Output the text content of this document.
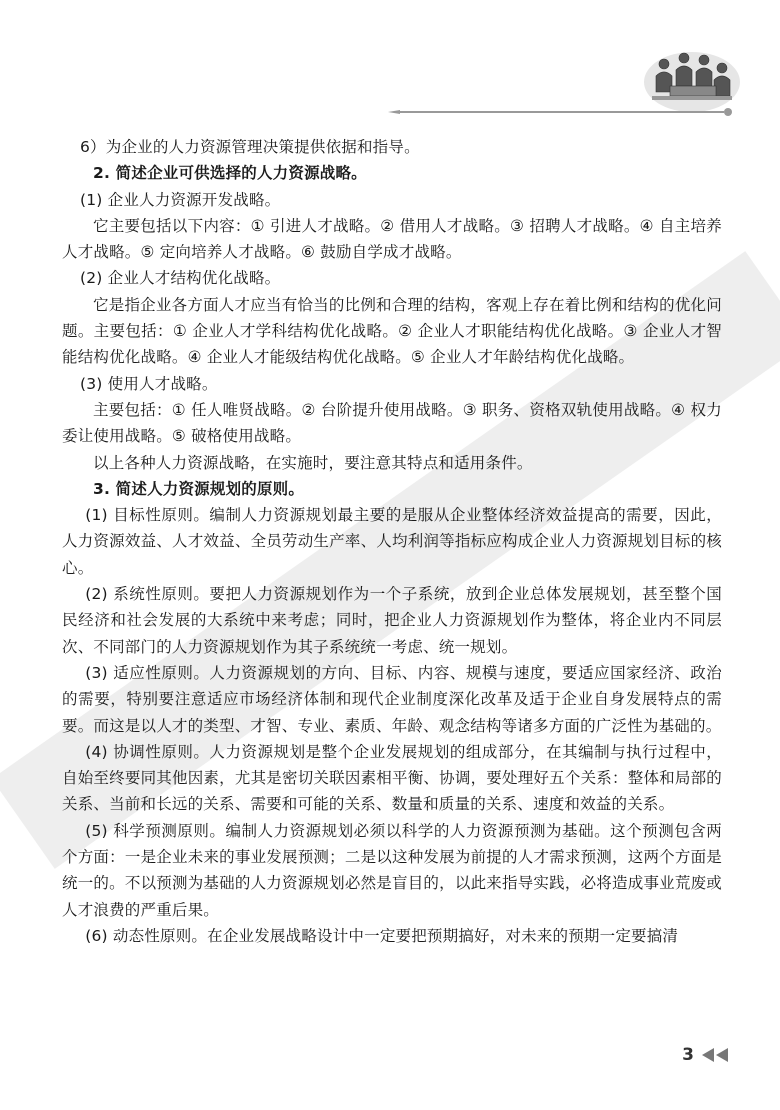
6）为企业的人力资源管理决策提供依据和指导。

2. 简述企业可供选择的人力资源战略。

(1) 企业人力资源开发战略。

它主要包括以下内容：① 引进人才战略。② 借用人才战略。③ 招聘人才战略。④ 自主培养人才战略。⑤ 定向培养人才战略。⑥ 鼓励自学成才战略。

(2) 企业人才结构优化战略。

它是指企业各方面人才应当有恰当的比例和合理的结构，客观上存在着比例和结构的优化问题。主要包括：① 企业人才学科结构优化战略。② 企业人才职能结构优化战略。③ 企业人才智能结构优化战略。④ 企业人才能级结构优化战略。⑤ 企业人才年龄结构优化战略。

(3) 使用人才战略。

主要包括：① 任人唯贤战略。② 台阶提升使用战略。③ 职务、资格双轨使用战略。④ 权力委让使用战略。⑤ 破格使用战略。

以上各种人力资源战略，在实施时，要注意其特点和适用条件。

3. 简述人力资源规划的原则。

(1) 目标性原则。编制人力资源规划最主要的是服从企业整体经济效益提高的需要，因此，人力资源效益、人才效益、全员劳动生产率、人均利润等指标应构成企业人力资源规划目标的核心。

(2) 系统性原则。要把人力资源规划作为一个子系统，放到企业总体发展规划，甚至整个国民经济和社会发展的大系统中来考虑；同时，把企业人力资源规划作为整体，将企业内不同层次、不同部门的人力资源规划作为其子系统统一考虑、统一规划。

(3) 适应性原则。人力资源规划的方向、目标、内容、规模与速度，要适应国家经济、政治的需要，特别要注意适应市场经济体制和现代企业制度深化改革及适于企业自身发展特点的需要。而这是以人才的类型、才智、专业、素质、年龄、观念结构等诸多方面的广泛性为基础的。

(4) 协调性原则。人力资源规划是整个企业发展规划的组成部分，在其编制与执行过程中，自始至终要同其他因素，尤其是密切关联因素相平衡、协调，要处理好五个关系：整体和局部的关系、当前和长远的关系、需要和可能的关系、数量和质量的关系、速度和效益的关系。

(5) 科学预测原则。编制人力资源规划必须以科学的人力资源预测为基础。这个预测包含两个方面：一是企业未来的事业发展预测；二是以这种发展为前提的人才需求预测，这两个方面是统一的。不以预测为基础的人力资源规划必然是盲目的，以此来指导实践，必将造成事业荒废或人才浪费的严重后果。

(6) 动态性原则。在企业发展战略设计中一定要把预期搞好，对未来的预期一定要搞清

3
